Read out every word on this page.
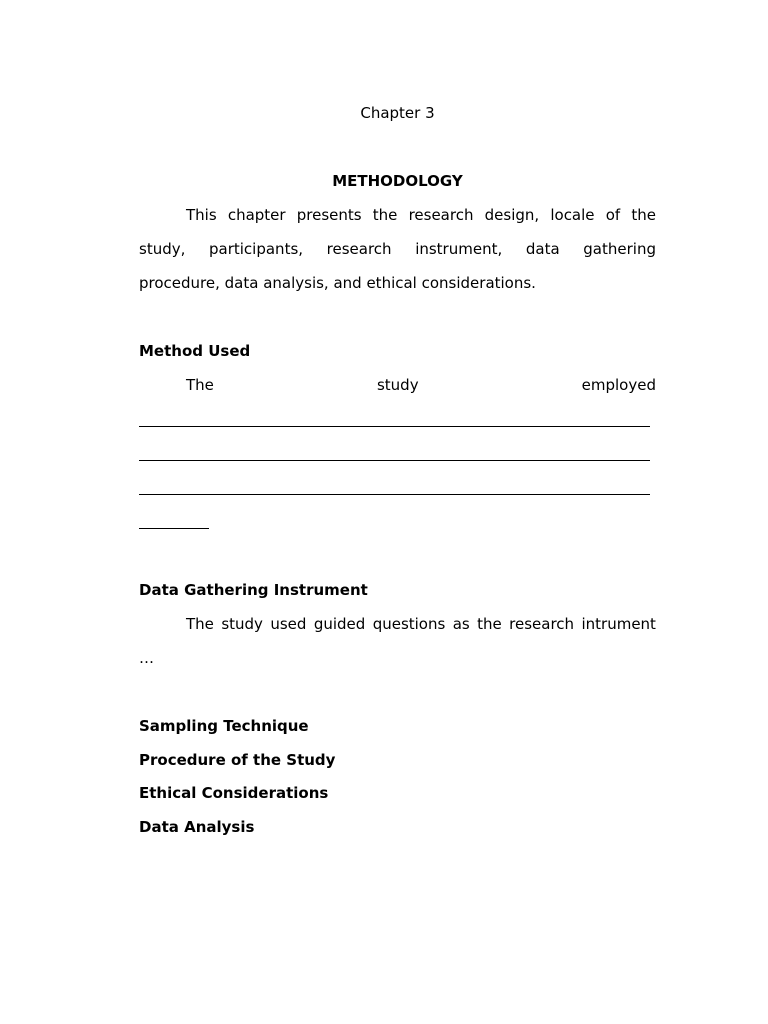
Chapter 3
METHODOLOGY
This chapter presents the research design, locale of the
study, participants, research instrument, data gathering
procedure, data analysis, and ethical considerations.
Method Used
The	study	employed
Data Gathering Instrument
The study used guided questions as the research intrument
…
Sampling Technique
Procedure of the Study
Ethical Considerations
Data Analysis
